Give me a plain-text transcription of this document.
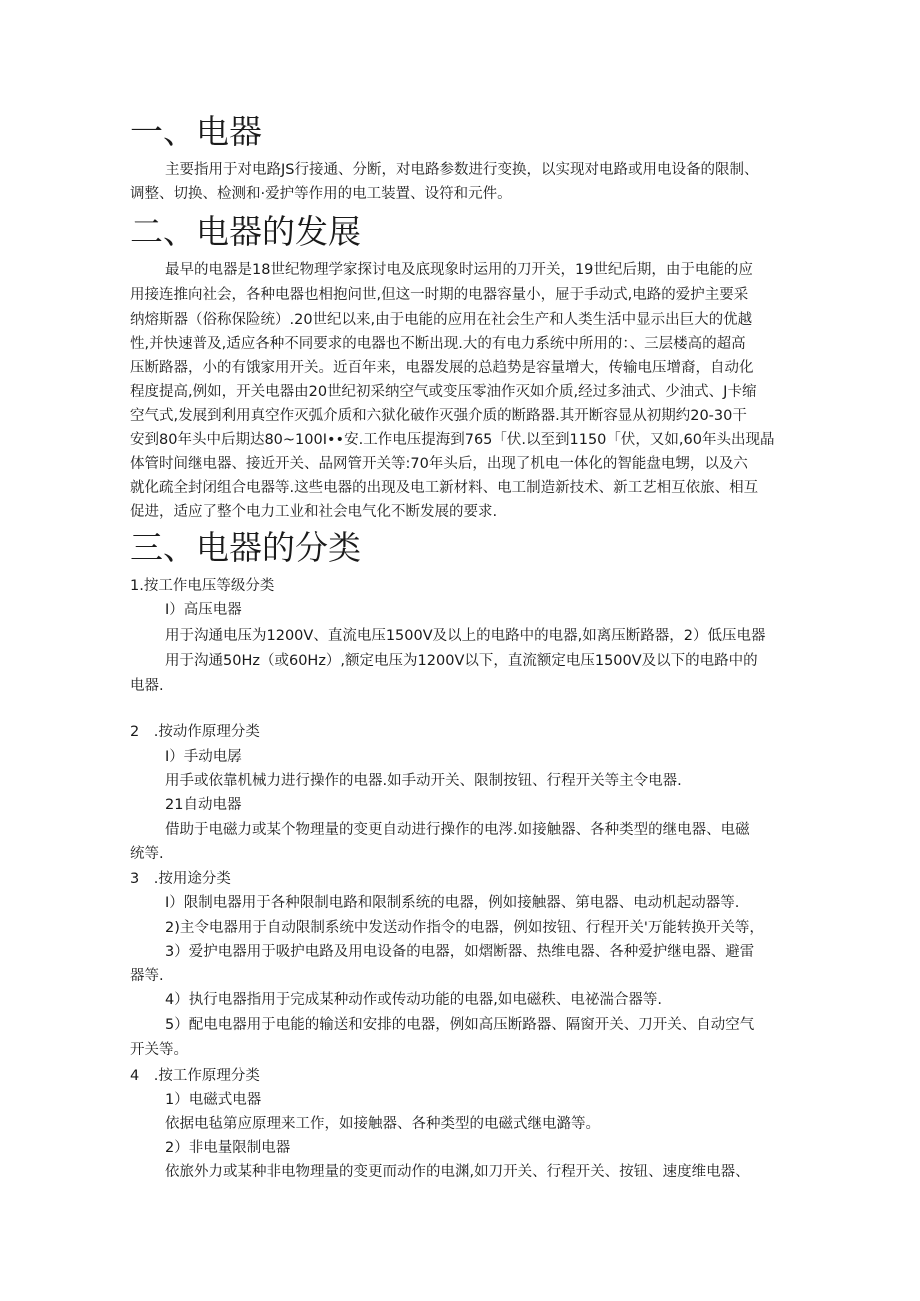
一、电器

主要指用于对电路JS行接通、分断，对电路参数进行变换，以实现对电路或用电设备的限制、

调整、切换、检测和·爱护等作用的电工装置、设符和元件。

二、电器的发展

最早的电器是18世纪物理学家探讨电及底现象时运用的刀开关，19世纪后期，由于电能的应

用接连推向社会，各种电器也相抱问世,但这一时期的电器容量小，屉于手动式,电路的爱护主要采

纳熔斯器（俗称保险统）.20世纪以来,由于电能的应用在社会生产和人类生活中显示出巨大的优越

性,并快速普及,适应各种不同要求的电器也不断出现.大的有电力系统中所用的：、三层楼高的超高

压断路器，小的有饿家用开关。近百年来，电器发展的总趋势是容量增大，传输电压增裔，自动化

程度提高,例如，开关电器由20世纪初采纳空气或变压零油作灭如介质,经过多油式、少油式、J卡缩

空气式,发展到利用真空作灭弧介质和六狱化破作灭强介质的断路器.其开断容显从初期约20-30干

安到80年头中后期达80~100I••安.工作电压提海到765「伏.以至到1150「伏，又如,60年头出现晶

体管时间继电器、接近开关、品网管开关等:70年头后，出现了机电一体化的智能盘电甥，以及六

就化疏全封闭组合电器等.这些电器的出现及电工新材料、电工制造新技术、新工艺相互依旅、相互

促进，适应了整个电力工业和社会电气化不断发展的要求.

三、电器的分类

1.按工作电压等级分类

I）高压电器

用于沟通电压为1200V、直流电压1500V及以上的电路中的电器,如离压断路器，2）低压电器

用于沟通50Hz（或60Hz）,额定电压为1200V以下，直流额定电压1500V及以下的电路中的

电器.

2　.按动作原理分类

I）手动电孱

用手或依靠机械力进行操作的电器.如手动开关、限制按钮、行程开关等主令电器.

21自动电器

借助于电磁力或某个物理量的变更自动进行操作的电涔.如接触器、各种类型的继电器、电磁

统等.

3　.按用途分类

I）限制电器用于各种限制电路和限制系统的电器，例如接触器、第电器、电动机起动器等.

2)主令电器用于自动限制系统中发送动作指令的电器，例如按钮、行程开关'万能转换开关等，

3）爱护电器用于吸护电路及用电设备的电器，如熠断器、热维电器、各种爱护继电器、避雷

器等.

4）执行电器指用于完成某种动作或传动功能的电器,如电磁秩、电祕湍合器等.

5）配电电器用于电能的输送和安排的电器，例如高压断路器、隔窗开关、刀开关、自动空气

开关等。

4　.按工作原理分类

1）电磁式电器

依据电毡第应原理来工作，如接触器、各种类型的电磁式继电潞等。

2）非电量限制电器

依旅外力或某种非电物理量的变更而动作的电渊,如刀开关、行程开关、按钮、速度维电器、
